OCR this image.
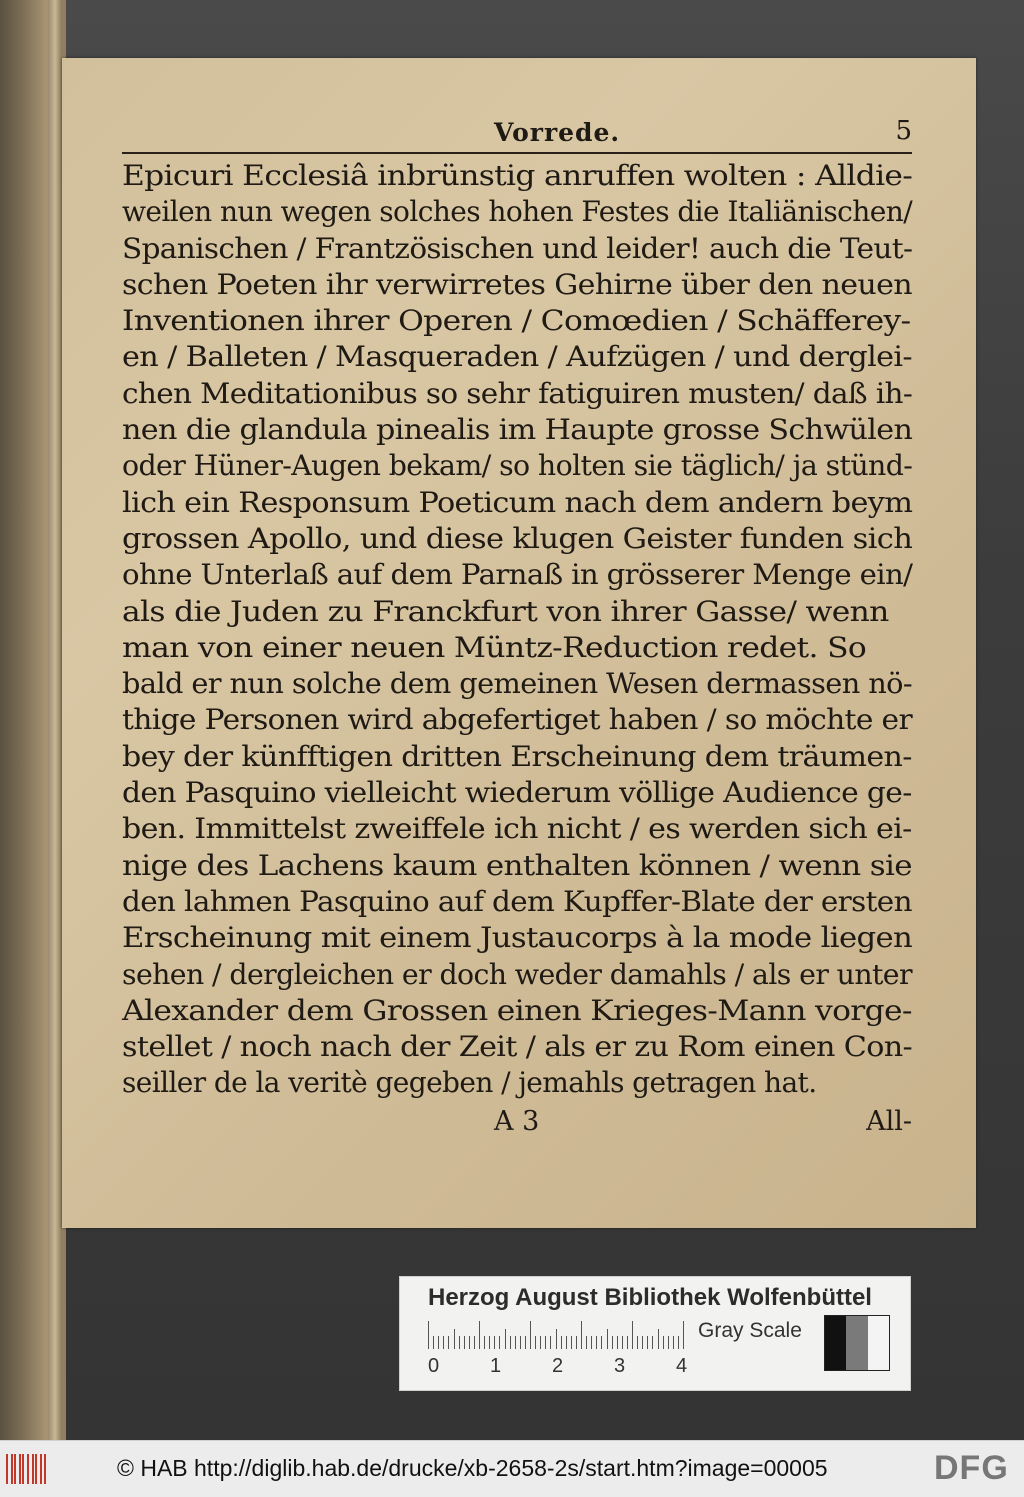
Vorrede.	5
Epicuri Ecclesiâ inbrünstig anruffen wolten : Alldie-
weilen nun wegen solches hohen Festes die Italiänischen/
Spanischen / Frantzösischen und leider! auch die Teut-
schen Poeten ihr verwirretes Gehirne über den neuen
Inventionen ihrer Operen / Comœdien / Schäfferey-
en / Balleten / Masqueraden / Aufzügen / und derglei-
chen Meditationibus so sehr fatiguiren musten/ daß ih-
nen die glandula pinealis im Haupte grosse Schwülen
oder Hüner-Augen bekam/ so holten sie täglich/ ja stünd-
lich ein Responsum Poeticum nach dem andern beym
grossen Apollo, und diese klugen Geister funden sich
ohne Unterlaß auf dem Parnaß in grösserer Menge ein/
als die Juden zu Franckfurt von ihrer Gasse/ wenn
man von einer neuen Müntz-Reduction redet. So
bald er nun solche dem gemeinen Wesen dermassen nö-
thige Personen wird abgefertiget haben / so möchte er
bey der künfftigen dritten Erscheinung dem träumen-
den Pasquino vielleicht wiederum völlige Audience ge-
ben. Immittelst zweiffele ich nicht / es werden sich ei-
nige des Lachens kaum enthalten können / wenn sie
den lahmen Pasquino auf dem Kupffer-Blate der ersten
Erscheinung mit einem Justaucorps à la mode liegen
sehen / dergleichen er doch weder damahls / als er unter
Alexander dem Grossen einen Krieges-Mann vorge-
stellet / noch nach der Zeit / als er zu Rom einen Con-
seiller de la veritè gegeben / jemahls getragen hat.
A 3	All-
Herzog August Bibliothek Wolfenbüttel
0	1	2	3	4
Gray Scale
© HAB http://diglib.hab.de/drucke/xb-2658-2s/start.htm?image=00005	DFG
